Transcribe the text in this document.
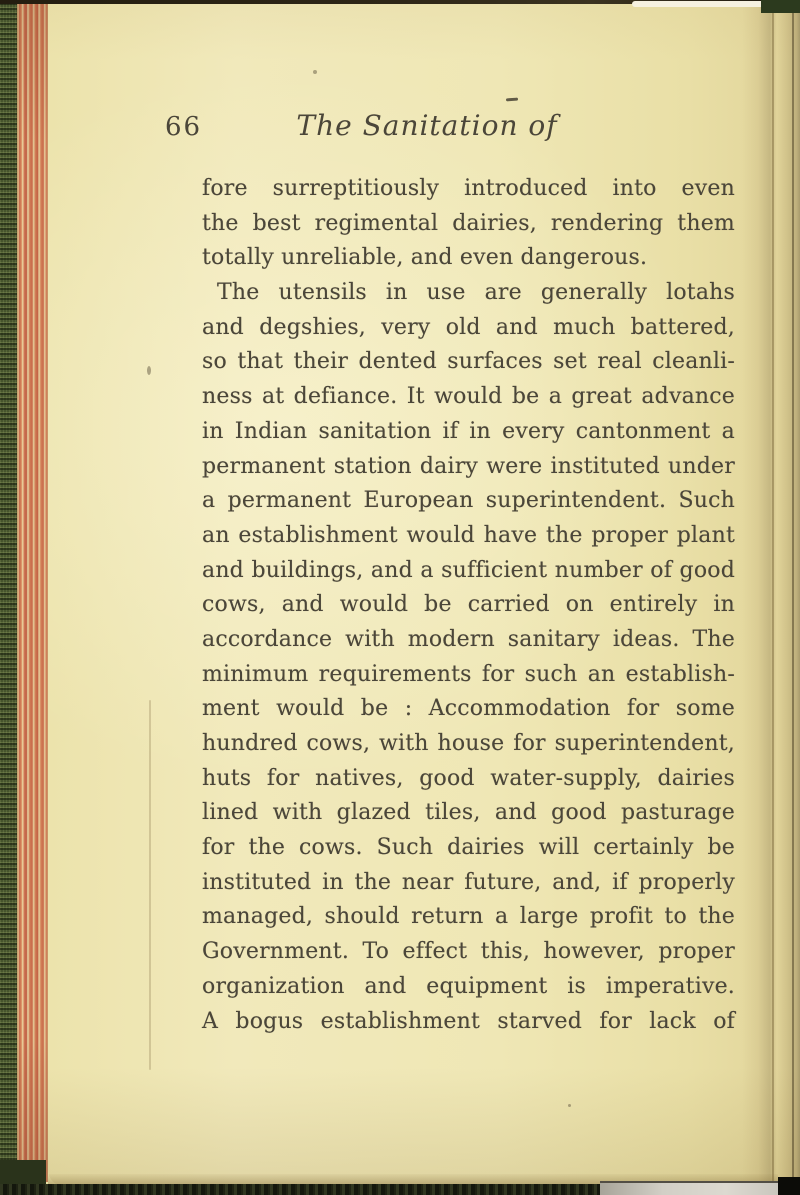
66	The Sanitation of
fore surreptitiously introduced into even
the best regimental dairies, rendering them
totally unreliable, and even dangerous.
The utensils in use are generally lotahs
and degshies, very old and much battered,
so that their dented surfaces set real cleanli-
ness at defiance. It would be a great advance
in Indian sanitation if in every cantonment a
permanent station dairy were instituted under
a permanent European superintendent. Such
an establishment would have the proper plant
and buildings, and a sufficient number of good
cows, and would be carried on entirely in
accordance with modern sanitary ideas. The
minimum requirements for such an establish-
ment would be : Accommodation for some
hundred cows, with house for superintendent,
huts for natives, good water-supply, dairies
lined with glazed tiles, and good pasturage
for the cows. Such dairies will certainly be
instituted in the near future, and, if properly
managed, should return a large profit to the
Government. To effect this, however, proper
organization and equipment is imperative.
A bogus establishment starved for lack of
